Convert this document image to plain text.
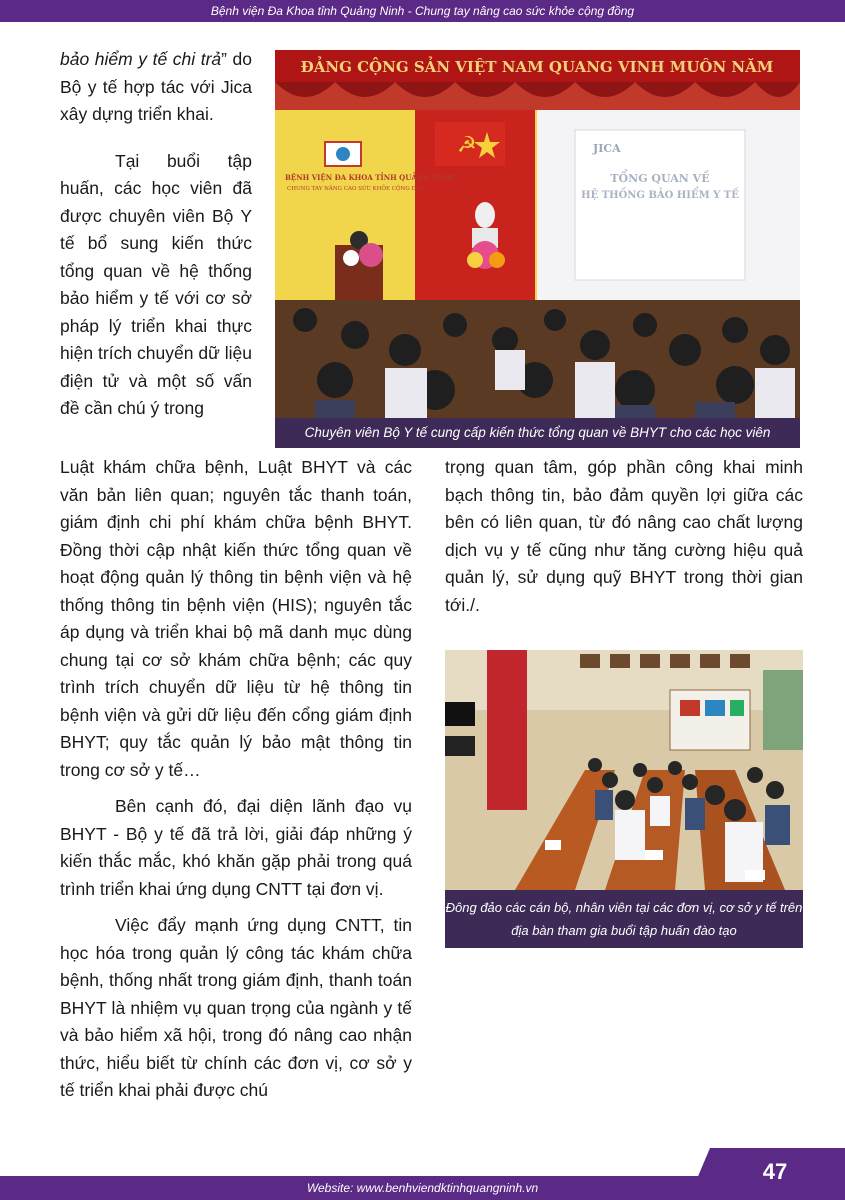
Bệnh viện Đa Khoa tỉnh Quảng Ninh - Chung tay nâng cao sức khỏe cộng đồng

bảo hiểm y tế chi trả” do Bộ y tế hợp tác với Jica xây dựng triển khai.

Tại buổi tập huấn, các học viên đã được chuyên viên Bộ Y tế bổ sung kiến thức tổng quan về hệ thống bảo hiểm y tế với cơ sở pháp lý triển khai thực hiện trích chuyển dữ liệu điện tử và một số vấn đề cần chú ý trong

ĐẢNG CỘNG SẢN VIỆT NAM QUANG VINH MUÔN NĂM
☭
BỆNH VIỆN ĐA KHOA TỈNH QUẢNG NINH
CHUNG TAY NÂNG CAO SỨC KHỎE CỘNG ĐỒNG
JICA
TỔNG QUAN VỀ
HỆ THỐNG BẢO HIỂM Y TẾ
Chuyên viên Bộ Y tế cung cấp kiến thức tổng quan về BHYT cho các học viên

Luật khám chữa bệnh, Luật BHYT và các văn bản liên quan; nguyên tắc thanh toán, giám định chi phí khám chữa bệnh BHYT. Đồng thời cập nhật kiến thức tổng quan về hoạt động quản lý thông tin bệnh viện và hệ thống thông tin bệnh viện (HIS); nguyên tắc áp dụng và triển khai bộ mã danh mục dùng chung tại cơ sở khám chữa bệnh; các quy trình trích chuyển dữ liệu từ hệ thông tin bệnh viện và gửi dữ liệu đến cổng giám định BHYT; quy tắc quản lý bảo mật thông tin trong cơ sở y tế…

Bên cạnh đó, đại diện lãnh đạo vụ BHYT - Bộ y tế đã trả lời, giải đáp những ý kiến thắc mắc, khó khăn gặp phải trong quá trình triển khai ứng dụng CNTT tại đơn vị.

Việc đẩy mạnh ứng dụng CNTT, tin học hóa trong quản lý công tác khám chữa bệnh, thống nhất trong giám định, thanh toán BHYT là nhiệm vụ quan trọng của ngành y tế và bảo hiểm xã hội, trong đó nâng cao nhận thức, hiểu biết từ chính các đơn vị, cơ sở y tế triển khai phải được chú

trọng quan tâm, góp phần công khai minh bạch thông tin, bảo đảm quyền lợi giữa các bên có liên quan, từ đó nâng cao chất lượng dịch vụ y tế cũng như tăng cường hiệu quả quản lý, sử dụng quỹ BHYT trong thời gian tới./.

Đông đảo các cán bộ, nhân viên tại các đơn vị, cơ sở y tế trên địa bàn tham gia buổi tập huấn đào tạo
Website: www.benhviendktinhquangninh.vn
47
